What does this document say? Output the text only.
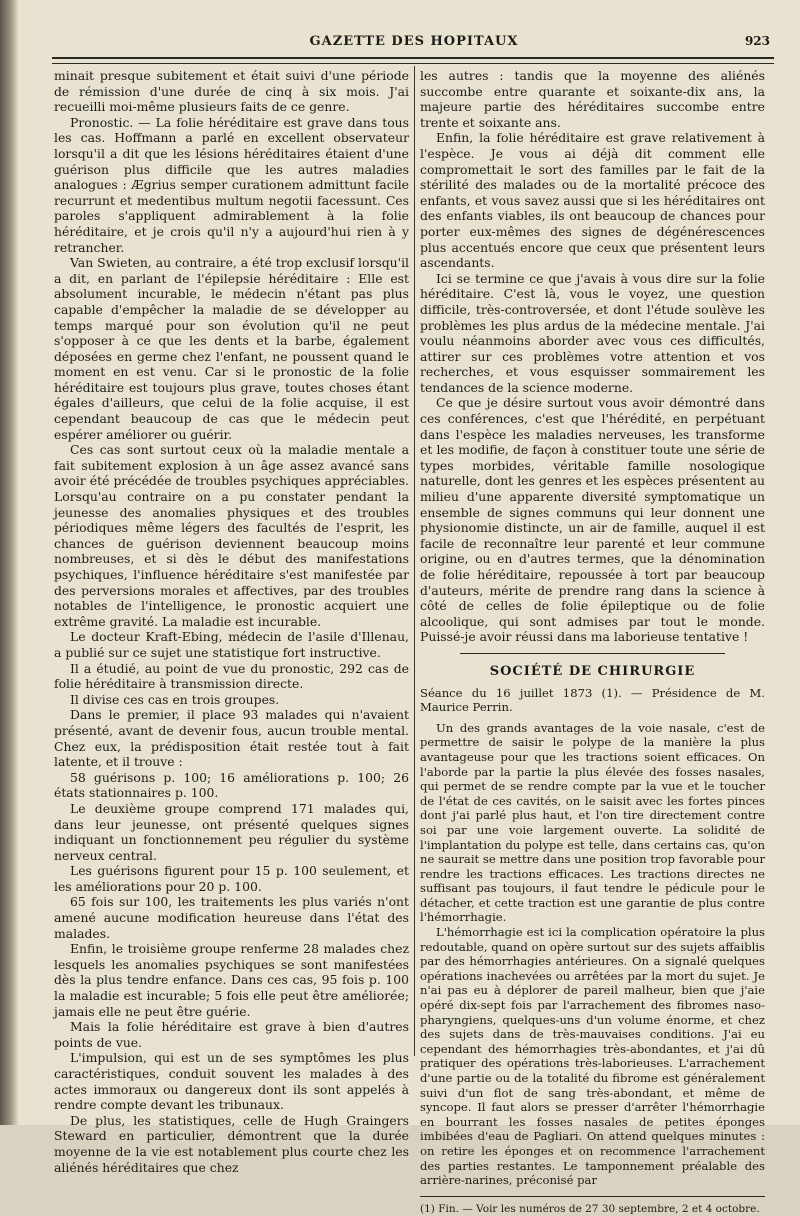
GAZETTE DES HOPITAUX	923

minait presque subitement et était suivi d'une période de rémission d'une durée de cinq à six mois. J'ai recueilli moi-même plusieurs faits de ce genre.

Pronostic. — La folie héréditaire est grave dans tous les cas. Hoffmann a parlé en excellent observateur lorsqu'il a dit que les lésions héréditaires étaient d'une guérison plus difficile que les autres maladies analogues : Ægrius semper curationem admittunt facile recurrunt et medentibus multum negotii facessunt. Ces paroles s'appliquent admirablement à la folie héréditaire, et je crois qu'il n'y a aujourd'hui rien à y retrancher.

Van Swieten, au contraire, a été trop exclusif lorsqu'il a dit, en parlant de l'épilepsie héréditaire : Elle est absolument incurable, le médecin n'étant pas plus capable d'empêcher la maladie de se développer au temps marqué pour son évolution qu'il ne peut s'opposer à ce que les dents et la barbe, également déposées en germe chez l'enfant, ne poussent quand le moment en est venu. Car si le pronostic de la folie héréditaire est toujours plus grave, toutes choses étant égales d'ailleurs, que celui de la folie acquise, il est cependant beaucoup de cas que le médecin peut espérer améliorer ou guérir.

Ces cas sont surtout ceux où la maladie mentale a fait subitement explosion à un âge assez avancé sans avoir été précédée de troubles psychiques appréciables. Lorsqu'au contraire on a pu constater pendant la jeunesse des anomalies physiques et des troubles périodiques même légers des facultés de l'esprit, les chances de guérison deviennent beaucoup moins nombreuses, et si dès le début des manifestations psychiques, l'influence héréditaire s'est manifestée par des perversions morales et affectives, par des troubles notables de l'intelligence, le pronostic acquiert une extrême gravité. La maladie est incurable.

Le docteur Kraft-Ebing, médecin de l'asile d'Illenau, a publié sur ce sujet une statistique fort instructive.

Il a étudié, au point de vue du pronostic, 292 cas de folie héréditaire à transmission directe.

Il divise ces cas en trois groupes.

Dans le premier, il place 93 malades qui n'avaient présenté, avant de devenir fous, aucun trouble mental. Chez eux, la prédisposition était restée tout à fait latente, et il trouve :

58 guérisons p. 100; 16 améliorations p. 100; 26 états stationnaires p. 100.

Le deuxième groupe comprend 171 malades qui, dans leur jeunesse, ont présenté quelques signes indiquant un fonctionnement peu régulier du système nerveux central.

Les guérisons figurent pour 15 p. 100 seulement, et les améliorations pour 20 p. 100.

65 fois sur 100, les traitements les plus variés n'ont amené aucune modification heureuse dans l'état des malades.

Enfin, le troisième groupe renferme 28 malades chez lesquels les anomalies psychiques se sont manifestées dès la plus tendre enfance. Dans ces cas, 95 fois p. 100 la maladie est incurable; 5 fois elle peut être améliorée; jamais elle ne peut être guérie.

Mais la folie héréditaire est grave à bien d'autres points de vue.

L'impulsion, qui est un de ses symptômes les plus caractéristiques, conduit souvent les malades à des actes immoraux ou dangereux dont ils sont appelés à rendre compte devant les tribunaux.

De plus, les statistiques, celle de Hugh Graingers Steward en particulier, démontrent que la durée moyenne de la vie est notablement plus courte chez les aliénés héréditaires que chez

les autres : tandis que la moyenne des aliénés succombe entre quarante et soixante-dix ans, la majeure partie des héréditaires succombe entre trente et soixante ans.

Enfin, la folie héréditaire est grave relativement à l'espèce. Je vous ai déjà dit comment elle compromettait le sort des familles par le fait de la stérilité des malades ou de la mortalité précoce des enfants, et vous savez aussi que si les héréditaires ont des enfants viables, ils ont beaucoup de chances pour porter eux-mêmes des signes de dégénérescences plus accentués encore que ceux que présentent leurs ascendants.

Ici se termine ce que j'avais à vous dire sur la folie héréditaire. C'est là, vous le voyez, une question difficile, très-controversée, et dont l'étude soulève les problèmes les plus ardus de la médecine mentale. J'ai voulu néanmoins aborder avec vous ces difficultés, attirer sur ces problèmes votre attention et vos recherches, et vous esquisser sommairement les tendances de la science moderne.

Ce que je désire surtout vous avoir démontré dans ces conférences, c'est que l'hérédité, en perpétuant dans l'espèce les maladies nerveuses, les transforme et les modifie, de façon à constituer toute une série de types morbides, véritable famille nosologique naturelle, dont les genres et les espèces présentent au milieu d'une apparente diversité symptomatique un ensemble de signes communs qui leur donnent une physionomie distincte, un air de famille, auquel il est facile de reconnaître leur parenté et leur commune origine, ou en d'autres termes, que la dénomination de folie héréditaire, repoussée à tort par beaucoup d'auteurs, mérite de prendre rang dans la science à côté de celles de folie épileptique ou de folie alcoolique, qui sont admises par tout le monde. Puissé-je avoir réussi dans ma laborieuse tentative !

SOCIÉTÉ DE CHIRURGIE

Séance du 16 juillet 1873 (1). — Présidence de M. Maurice Perrin.

Un des grands avantages de la voie nasale, c'est de permettre de saisir le polype de la manière la plus avantageuse pour que les tractions soient efficaces. On l'aborde par la partie la plus élevée des fosses nasales, qui permet de se rendre compte par la vue et le toucher de l'état de ces cavités, on le saisit avec les fortes pinces dont j'ai parlé plus haut, et l'on tire directement contre soi par une voie largement ouverte. La solidité de l'implantation du polype est telle, dans certains cas, qu'on ne saurait se mettre dans une position trop favorable pour rendre les tractions efficaces. Les tractions directes ne suffisant pas toujours, il faut tendre le pédicule pour le détacher, et cette traction est une garantie de plus contre l'hémorrhagie.

L'hémorrhagie est ici la complication opératoire la plus redoutable, quand on opère surtout sur des sujets affaiblis par des hémorrhagies antérieures. On a signalé quelques opérations inachevées ou arrêtées par la mort du sujet. Je n'ai pas eu à déplorer de pareil malheur, bien que j'aie opéré dix-sept fois par l'arrachement des fibromes naso-pharyngiens, quelques-uns d'un volume énorme, et chez des sujets dans de très-mauvaises conditions. J'ai eu cependant des hémorrhagies très-abondantes, et j'ai dû pratiquer des opérations très-laborieuses. L'arrachement d'une partie ou de la totalité du fibrome est généralement suivi d'un flot de sang très-abondant, et même de syncope. Il faut alors se presser d'arrêter l'hémorrhagie en bourrant les fosses nasales de petites éponges imbibées d'eau de Pagliari. On attend quelques minutes : on retire les éponges et on recommence l'arrachement des parties restantes. Le tamponnement préalable des arrière-narines, préconisé par

(1) Fin. — Voir les numéros de 27 30 septembre, 2 et 4 octobre.
